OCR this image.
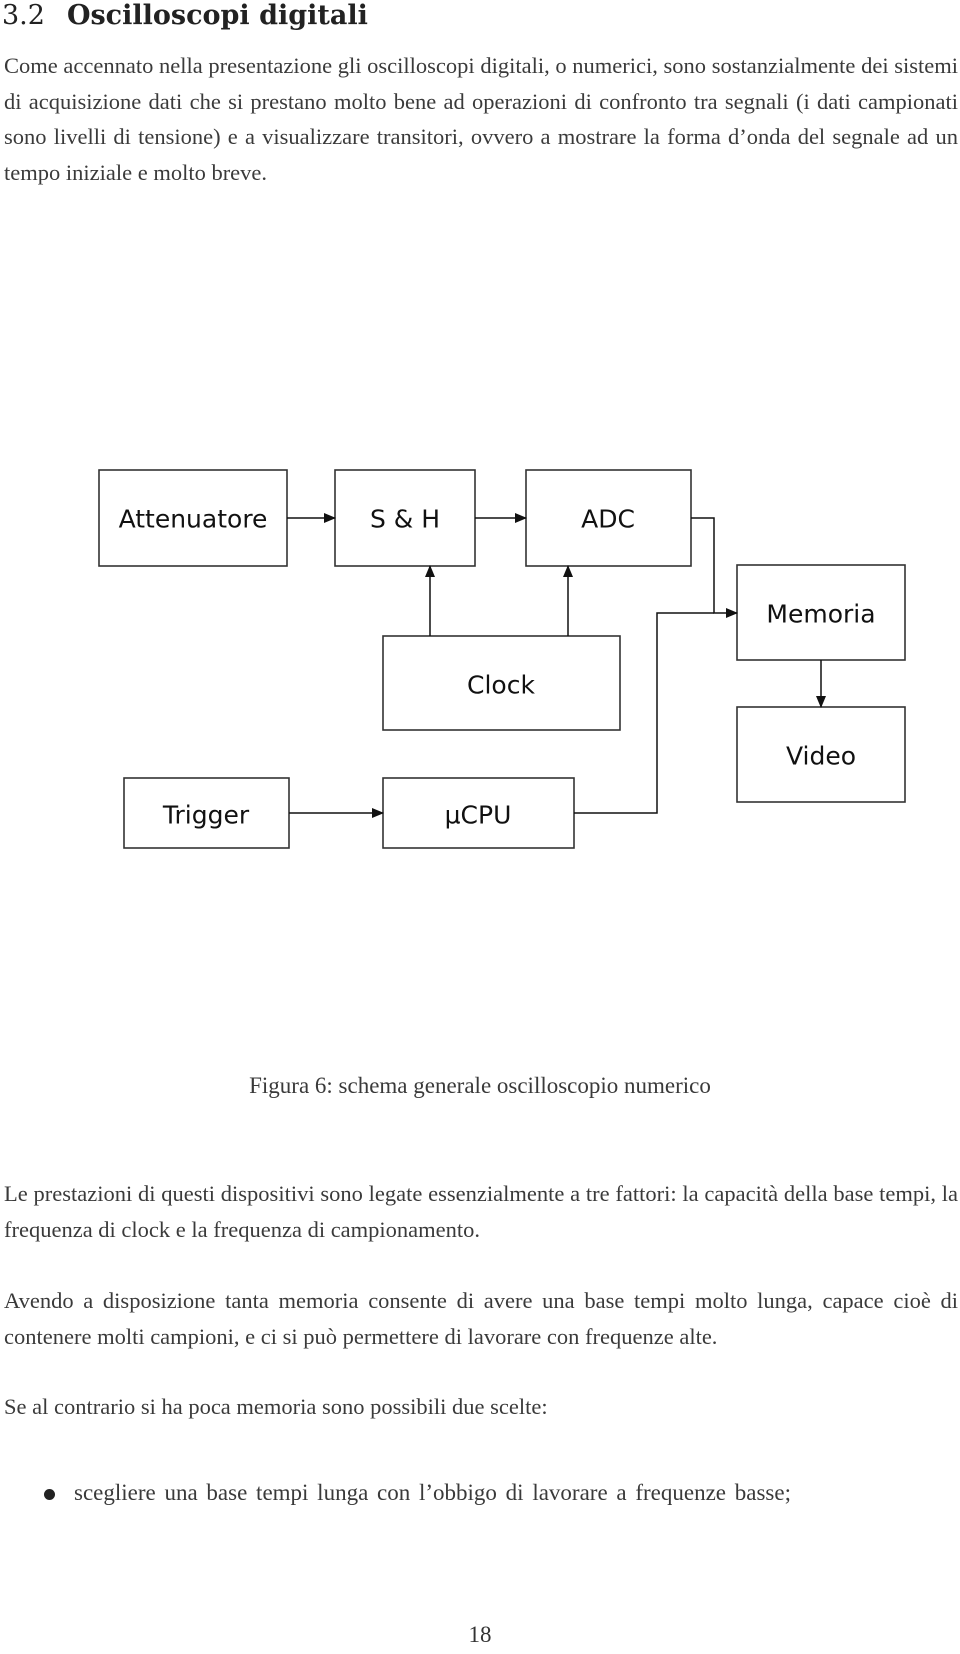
3.2 Oscilloscopi digitali

Come accennato nella presentazione gli oscilloscopi digitali, o numerici, sono sostanzialmente dei sistemi di acquisizione dati che si prestano molto bene ad operazioni di confronto tra segnali (i dati campionati sono livelli di tensione) e a visualizzare transitori, ovvero a mostrare la forma d’onda del segnale ad un tempo iniziale e molto breve.

Attenuatore	S & H	ADC
Memoria
Clock
Video
Trigger	µCPU

Figura 6: schema generale oscilloscopio numerico

Le prestazioni di questi dispositivi sono legate essenzialmente a tre fattori: la capacità della base tempi, la frequenza di clock e la frequenza di campionamento.

Avendo a disposizione tanta memoria consente di avere una base tempi molto lunga, capace cioè di contenere molti campioni, e ci si può permettere di lavorare con frequenze alte.

Se al contrario si ha poca memoria sono possibili due scelte:

scegliere una base tempi lunga con l’obbigo di lavorare a frequenze basse;

18
